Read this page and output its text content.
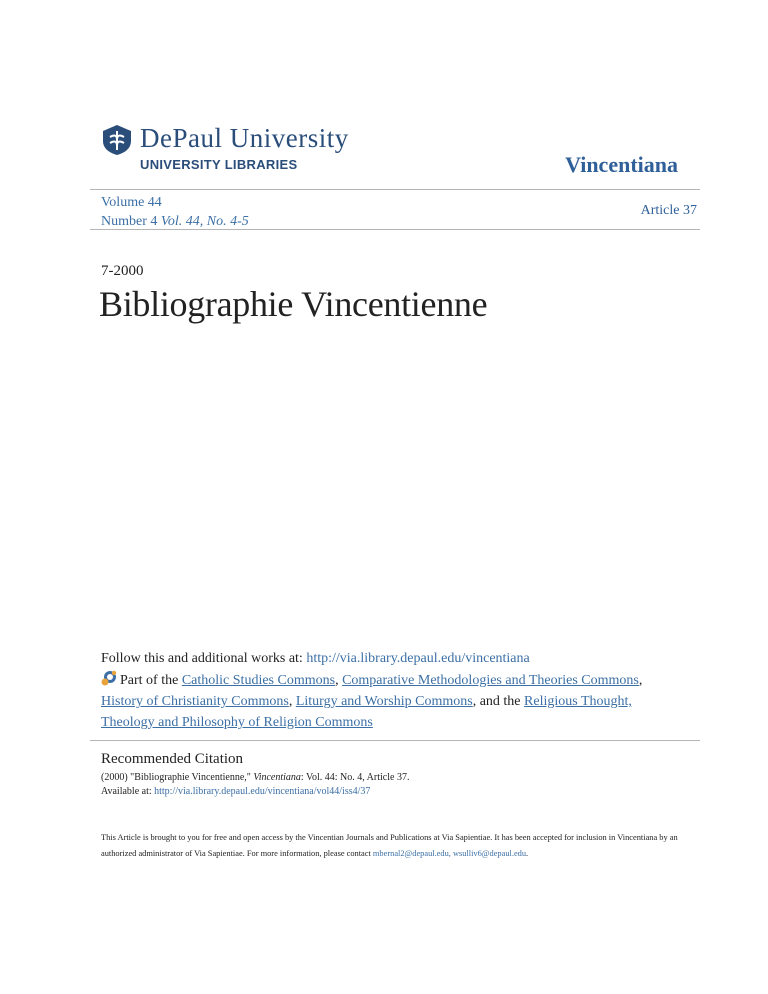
DePaul University
UNIVERSITY LIBRARIES	Vincentiana
Volume 44
Number 4 Vol. 44, No. 4-5
Article 37
7-2000
Bibliographie Vincentienne
Follow this and additional works at: http://via.library.depaul.edu/vincentiana
Part of the Catholic Studies Commons, Comparative Methodologies and Theories Commons, History of Christianity Commons, Liturgy and Worship Commons, and the Religious Thought, Theology and Philosophy of Religion Commons
Recommended Citation
(2000) "Bibliographie Vincentienne," Vincentiana: Vol. 44: No. 4, Article 37.
Available at: http://via.library.depaul.edu/vincentiana/vol44/iss4/37
This Article is brought to you for free and open access by the Vincentian Journals and Publications at Via Sapientiae. It has been accepted for inclusion in Vincentiana by an authorized administrator of Via Sapientiae. For more information, please contact mbernal2@depaul.edu, wsulliv6@depaul.edu.
